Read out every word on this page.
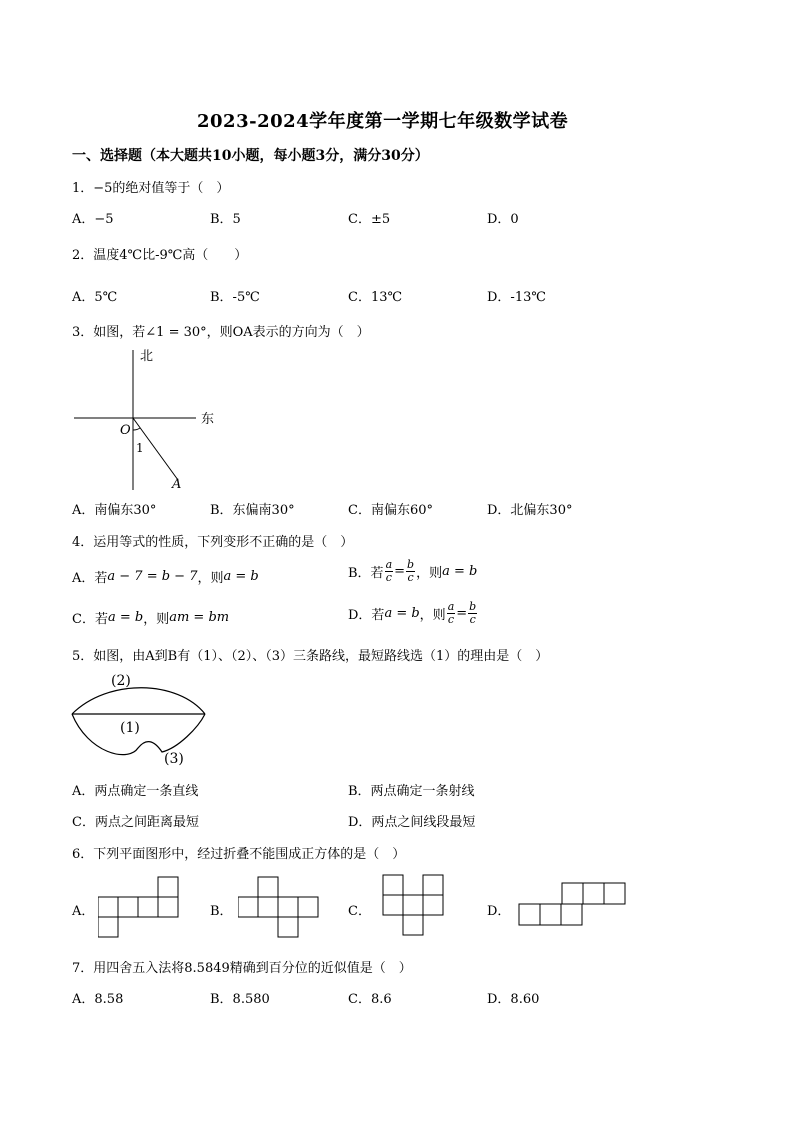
2023-2024学年度第一学期七年级数学试卷
一、选择题（本大题共10小题，每小题3分，满分30分）
1．−5的绝对值等于（　）
A．−5	B．5	C．±5	D．0
2．温度4℃比-9℃高（　　）
A．5℃	B．-5℃	C．13℃	D．-13℃
3．如图，若∠1 = 30°，则OA表示的方向为（　）
北
东
O
1
A
A．南偏东30°	B．东偏南30°	C．南偏东60°	D．北偏东30°
4．运用等式的性质，下列变形不正确的是（　）
A．若 a − 7 = b − 7 ，则 a = b	B．若 $\frac{a}{c} = \frac{b}{c}$ ，则 a = b
C．若 a = b ，则 am = bm	D．若 a = b ，则 $\frac{a}{c} = \frac{b}{c}$
5．如图，由A到B有（1）、（2）、（3）三条路线，最短路线选（1）的理由是（　）
(2)
(1)
(3)
A．两点确定一条直线	B．两点确定一条射线
C．两点之间距离最短	D．两点之间线段最短
6．下列平面图形中，经过折叠不能围成正方体的是（　）
A．	B．	C．	D．
7．用四舍五入法将8.5849精确到百分位的近似值是（　）
A．8.58	B．8.580	C．8.6	D．8.60
